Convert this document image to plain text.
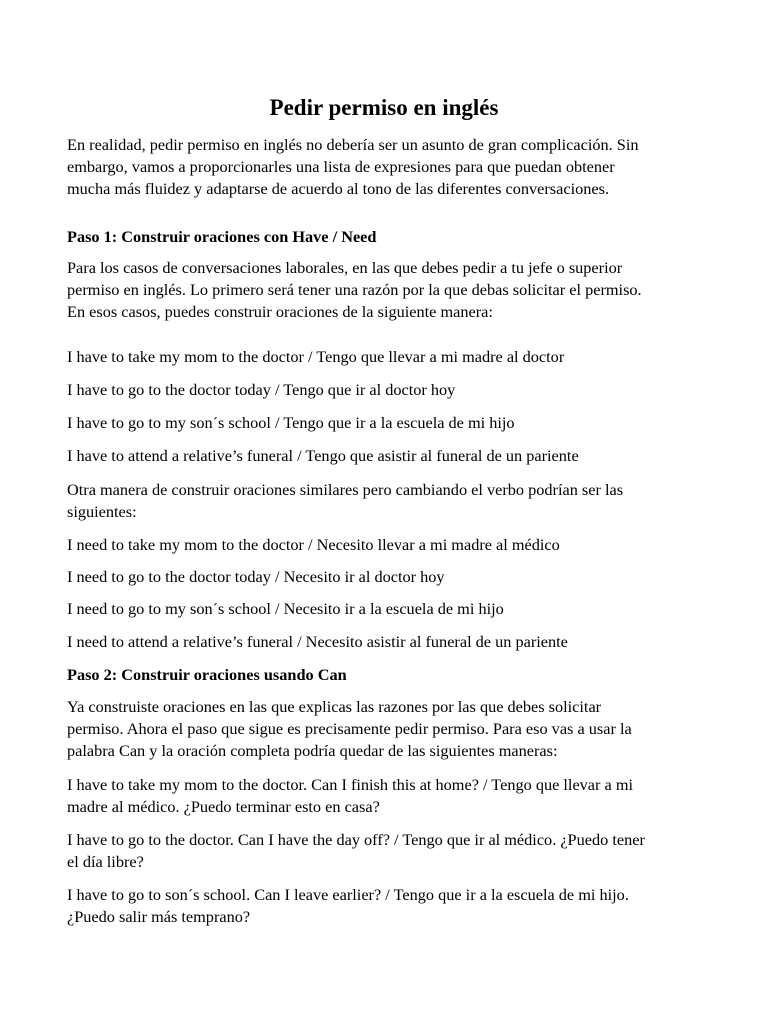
Pedir permiso en inglés

En realidad, pedir permiso en inglés no debería ser un asunto de gran complicación. Sin
embargo, vamos a proporcionarles una lista de expresiones para que puedan obtener
mucha más fluidez y adaptarse de acuerdo al tono de las diferentes conversaciones.

Paso 1: Construir oraciones con Have / Need

Para los casos de conversaciones laborales, en las que debes pedir a tu jefe o superior
permiso en inglés. Lo primero será tener una razón por la que debas solicitar el permiso.
En esos casos, puedes construir oraciones de la siguiente manera:

I have to take my mom to the doctor / Tengo que llevar a mi madre al doctor

I have to go to the doctor today / Tengo que ir al doctor hoy

I have to go to my son´s school / Tengo que ir a la escuela de mi hijo

I have to attend a relative’s funeral / Tengo que asistir al funeral de un pariente

Otra manera de construir oraciones similares pero cambiando el verbo podrían ser las
siguientes:

I need to take my mom to the doctor / Necesito llevar a mi madre al médico

I need to go to the doctor today / Necesito ir al doctor hoy

I need to go to my son´s school / Necesito ir a la escuela de mi hijo

I need to attend a relative’s funeral / Necesito asistir al funeral de un pariente

Paso 2: Construir oraciones usando Can

Ya construiste oraciones en las que explicas las razones por las que debes solicitar
permiso. Ahora el paso que sigue es precisamente pedir permiso. Para eso vas a usar la
palabra Can y la oración completa podría quedar de las siguientes maneras:

I have to take my mom to the doctor. Can I finish this at home? / Tengo que llevar a mi
madre al médico. ¿Puedo terminar esto en casa?

I have to go to the doctor. Can I have the day off? / Tengo que ir al médico. ¿Puedo tener
el día libre?

I have to go to son´s school. Can I leave earlier? / Tengo que ir a la escuela de mi hijo.
¿Puedo salir más temprano?
